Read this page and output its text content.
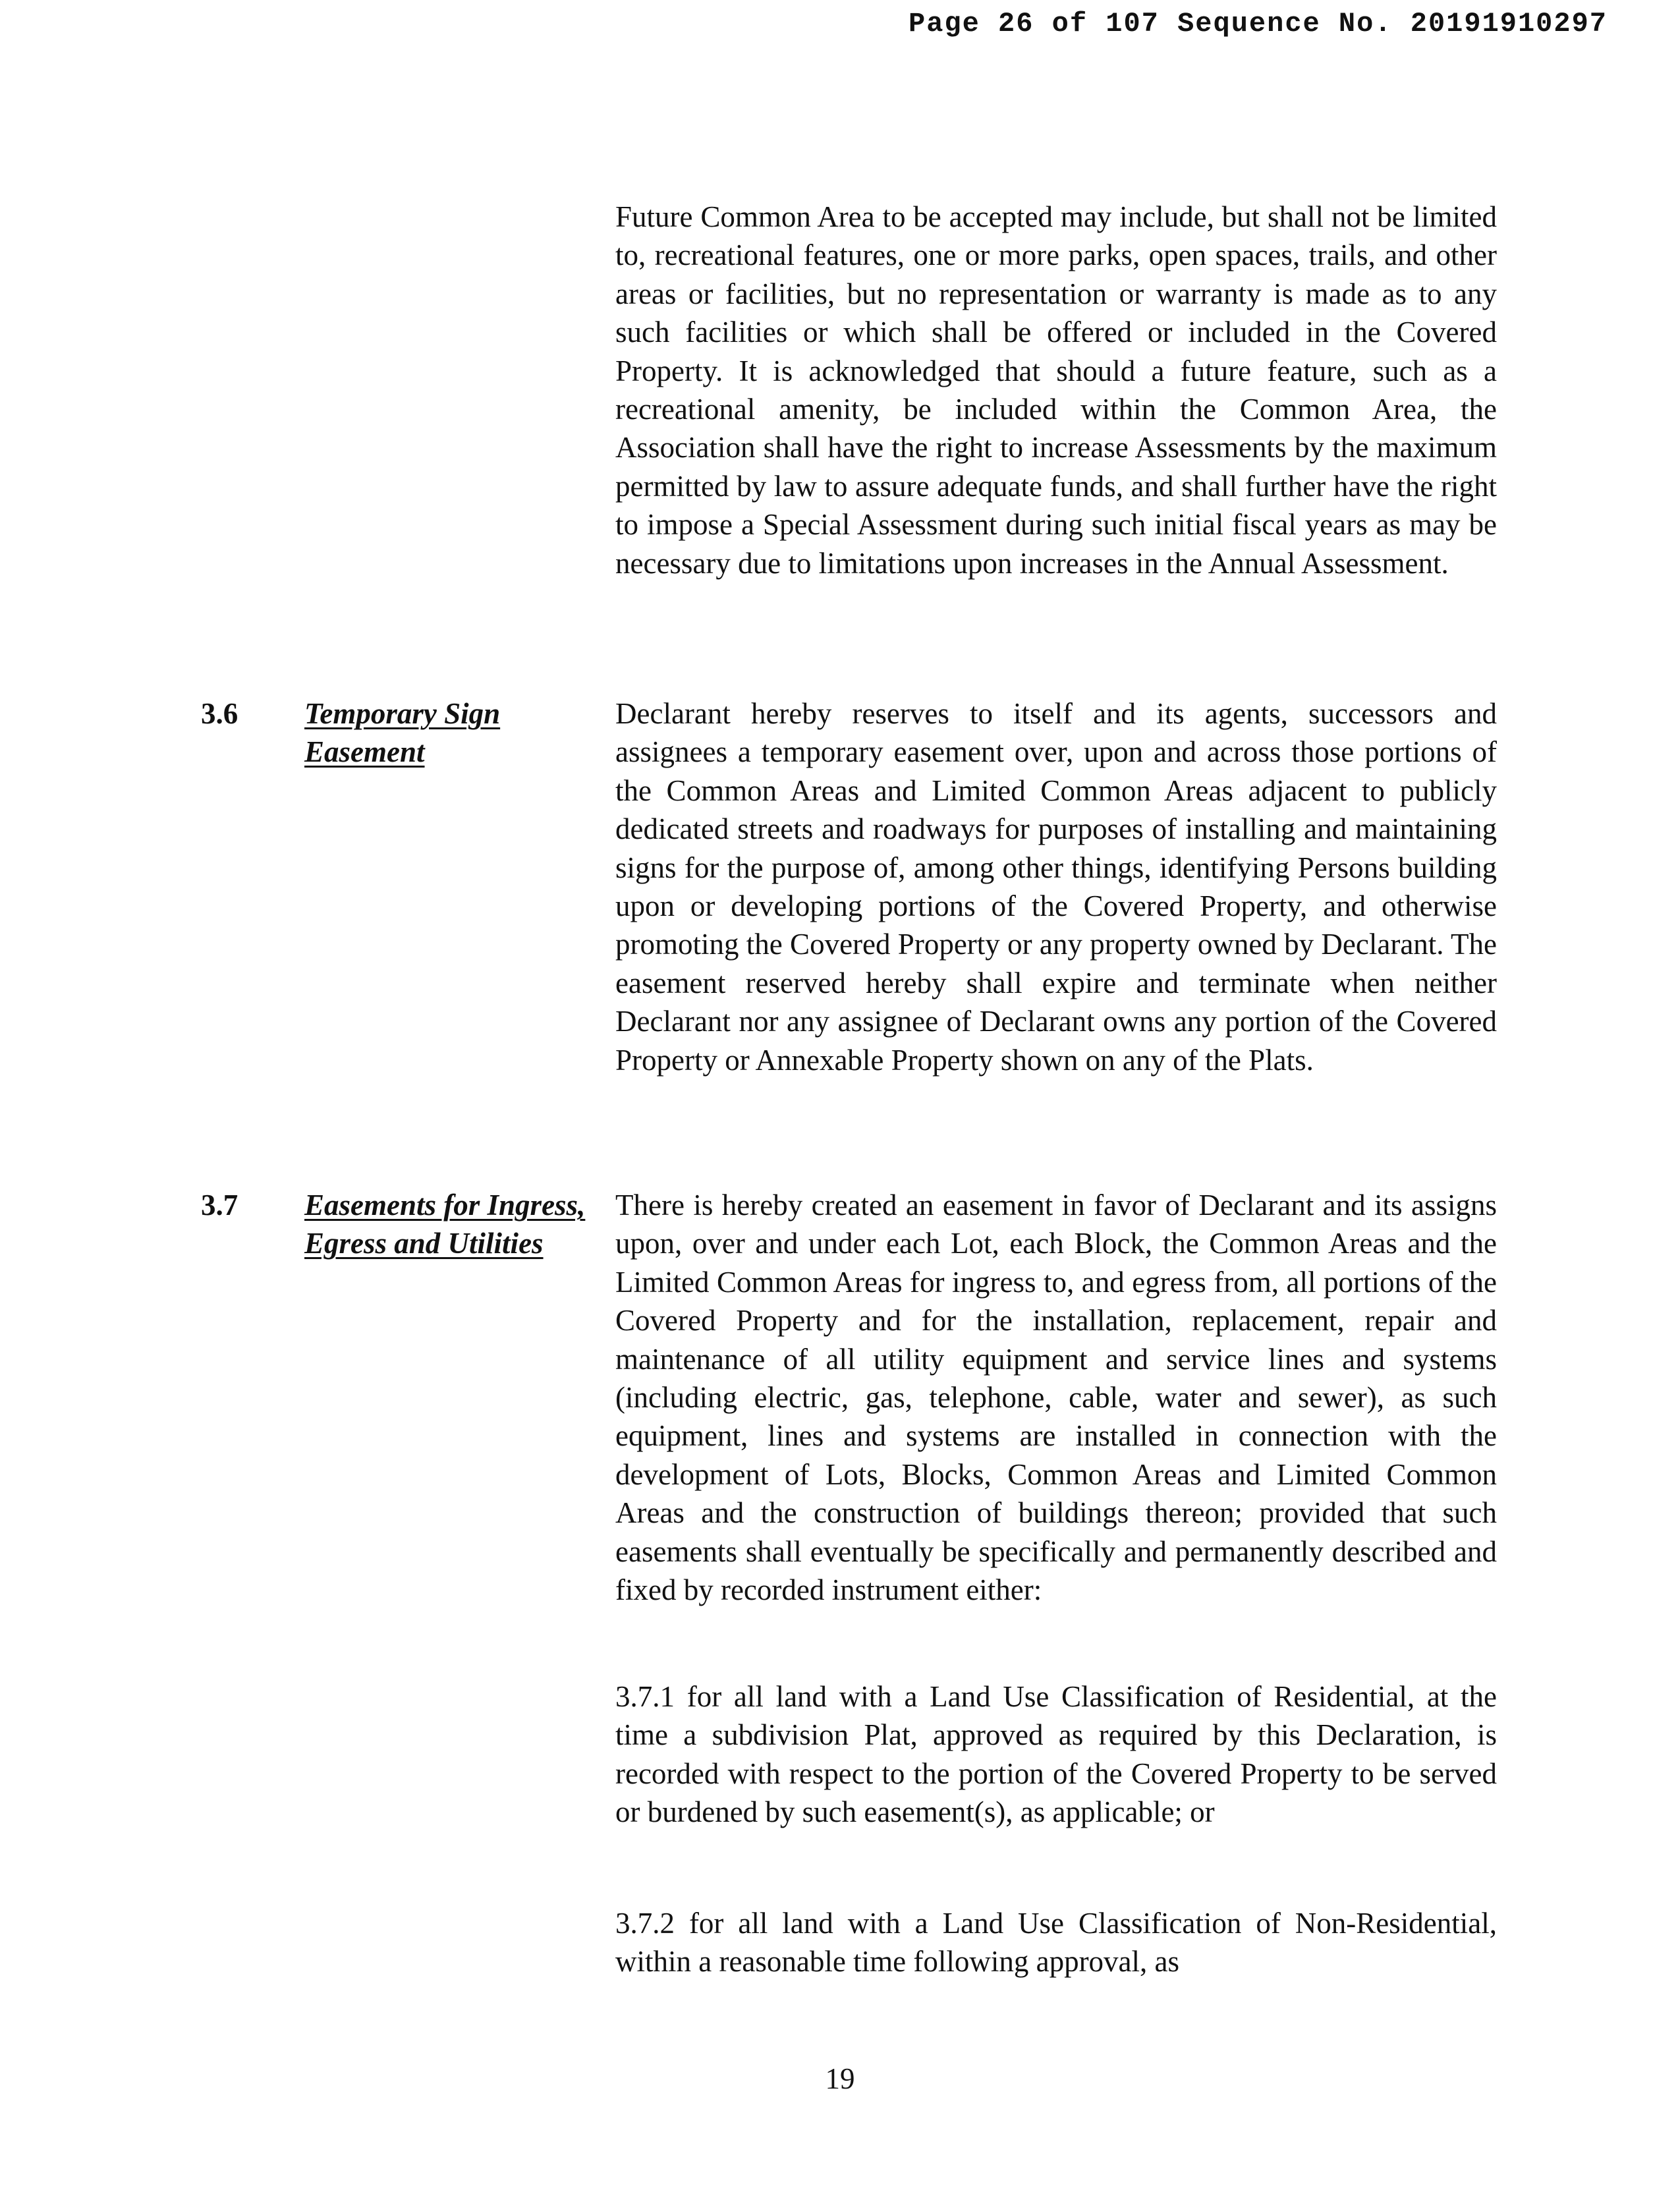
Page 26 of 107 Sequence No. 20191910297

Future Common Area to be accepted may include, but shall not be limited to, recreational features, one or more parks, open spaces, trails, and other areas or facilities, but no representation or warranty is made as to any such facilities or which shall be offered or included in the Covered Property. It is acknowledged that should a future feature, such as a recreational amenity, be included within the Common Area, the Association shall have the right to increase Assessments by the maximum permitted by law to assure adequate funds, and shall further have the right to impose a Special Assessment during such initial fiscal years as may be necessary due to limitations upon increases in the Annual Assessment.

3.6 Temporary Sign Easement

Declarant hereby reserves to itself and its agents, successors and assignees a temporary easement over, upon and across those portions of the Common Areas and Limited Common Areas adjacent to publicly dedicated streets and roadways for purposes of installing and maintaining signs for the purpose of, among other things, identifying Persons building upon or developing portions of the Covered Property, and otherwise promoting the Covered Property or any property owned by Declarant. The easement reserved hereby shall expire and terminate when neither Declarant nor any assignee of Declarant owns any portion of the Covered Property or Annexable Property shown on any of the Plats.

3.7 Easements for Ingress, Egress and Utilities

There is hereby created an easement in favor of Declarant and its assigns upon, over and under each Lot, each Block, the Common Areas and the Limited Common Areas for ingress to, and egress from, all portions of the Covered Property and for the installation, replacement, repair and maintenance of all utility equipment and service lines and systems (including electric, gas, telephone, cable, water and sewer), as such equipment, lines and systems are installed in connection with the development of Lots, Blocks, Common Areas and Limited Common Areas and the construction of buildings thereon; provided that such easements shall eventually be specifically and permanently described and fixed by recorded instrument either:

3.7.1 for all land with a Land Use Classification of Residential, at the time a subdivision Plat, approved as required by this Declaration, is recorded with respect to the portion of the Covered Property to be served or burdened by such easement(s), as applicable; or

3.7.2 for all land with a Land Use Classification of Non-Residential, within a reasonable time following approval, as

19
